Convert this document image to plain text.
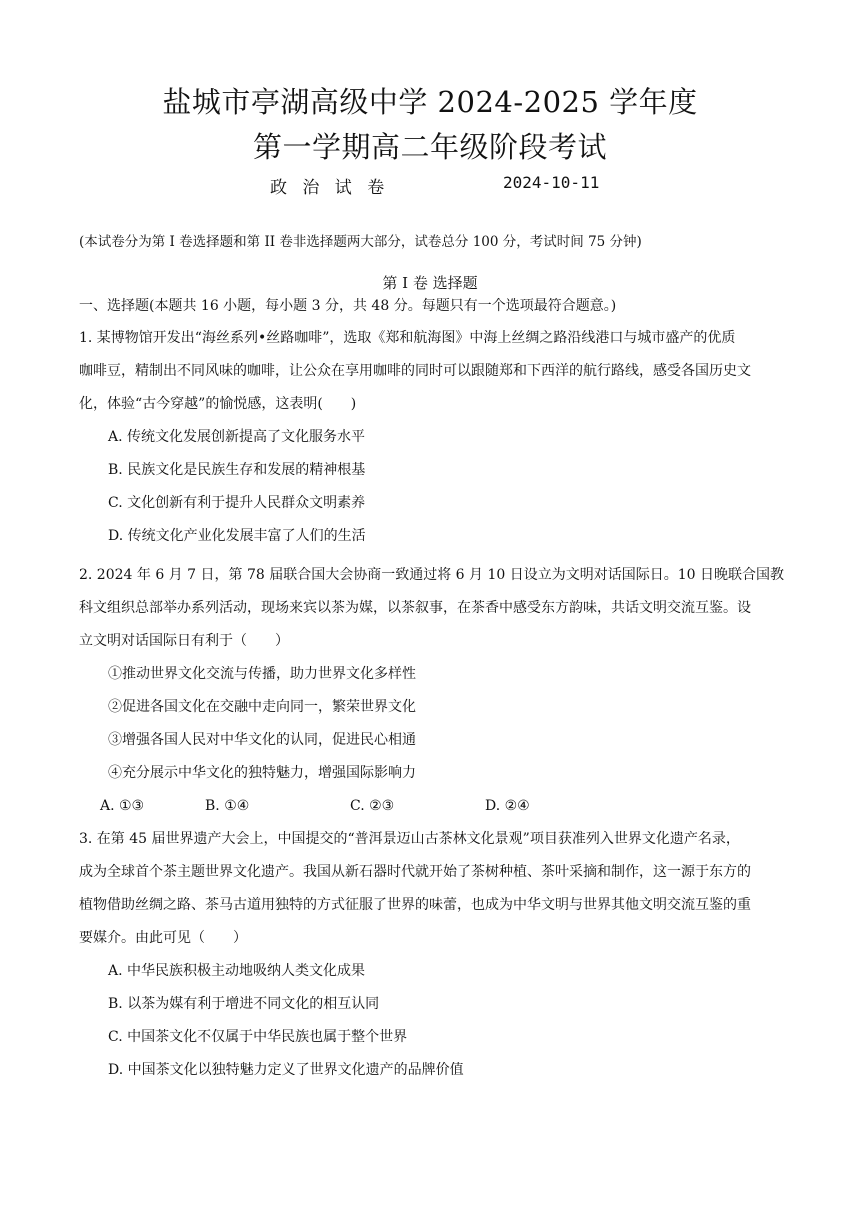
盐城市亭湖高级中学 2024-2025 学年度
第一学期高二年级阶段考试
政 治 试 卷	2024-10-11
(本试卷分为第 I 卷选择题和第 II 卷非选择题两大部分，试卷总分 100 分，考试时间 75 分钟)
第 I 卷 选择题
一、选择题(本题共 16 小题，每小题 3 分，共 48 分。每题只有一个选项最符合题意。)
1. 某博物馆开发出“海丝系列•丝路咖啡”，选取《郑和航海图》中海上丝绸之路沿线港口与城市盛产的优质
咖啡豆，精制出不同风味的咖啡，让公众在享用咖啡的同时可以跟随郑和下西洋的航行路线，感受各国历史文
化，体验“古今穿越”的愉悦感，这表明(　　)
A. 传统文化发展创新提高了文化服务水平
B. 民族文化是民族生存和发展的精神根基
C. 文化创新有利于提升人民群众文明素养
D. 传统文化产业化发展丰富了人们的生活
2. 2024 年 6 月 7 日，第 78 届联合国大会协商一致通过将 6 月 10 日设立为文明对话国际日。10 日晚联合国教
科文组织总部举办系列活动，现场来宾以茶为媒，以茶叙事，在茶香中感受东方韵味，共话文明交流互鉴。设
立文明对话国际日有利于（　　）
①推动世界文化交流与传播，助力世界文化多样性
②促进各国文化在交融中走向同一，繁荣世界文化
③增强各国人民对中华文化的认同，促进民心相通
④充分展示中华文化的独特魅力，增强国际影响力
A. ①③	B. ①④	C. ②③	D. ②④
3. 在第 45 届世界遗产大会上，中国提交的“普洱景迈山古茶林文化景观”项目获准列入世界文化遗产名录，
成为全球首个茶主题世界文化遗产。我国从新石器时代就开始了茶树种植、茶叶采摘和制作，这一源于东方的
植物借助丝绸之路、茶马古道用独特的方式征服了世界的味蕾，也成为中华文明与世界其他文明交流互鉴的重
要媒介。由此可见（　　）
A. 中华民族积极主动地吸纳人类文化成果
B. 以茶为媒有利于增进不同文化的相互认同
C. 中国茶文化不仅属于中华民族也属于整个世界
D. 中国茶文化以独特魅力定义了世界文化遗产的品牌价值
